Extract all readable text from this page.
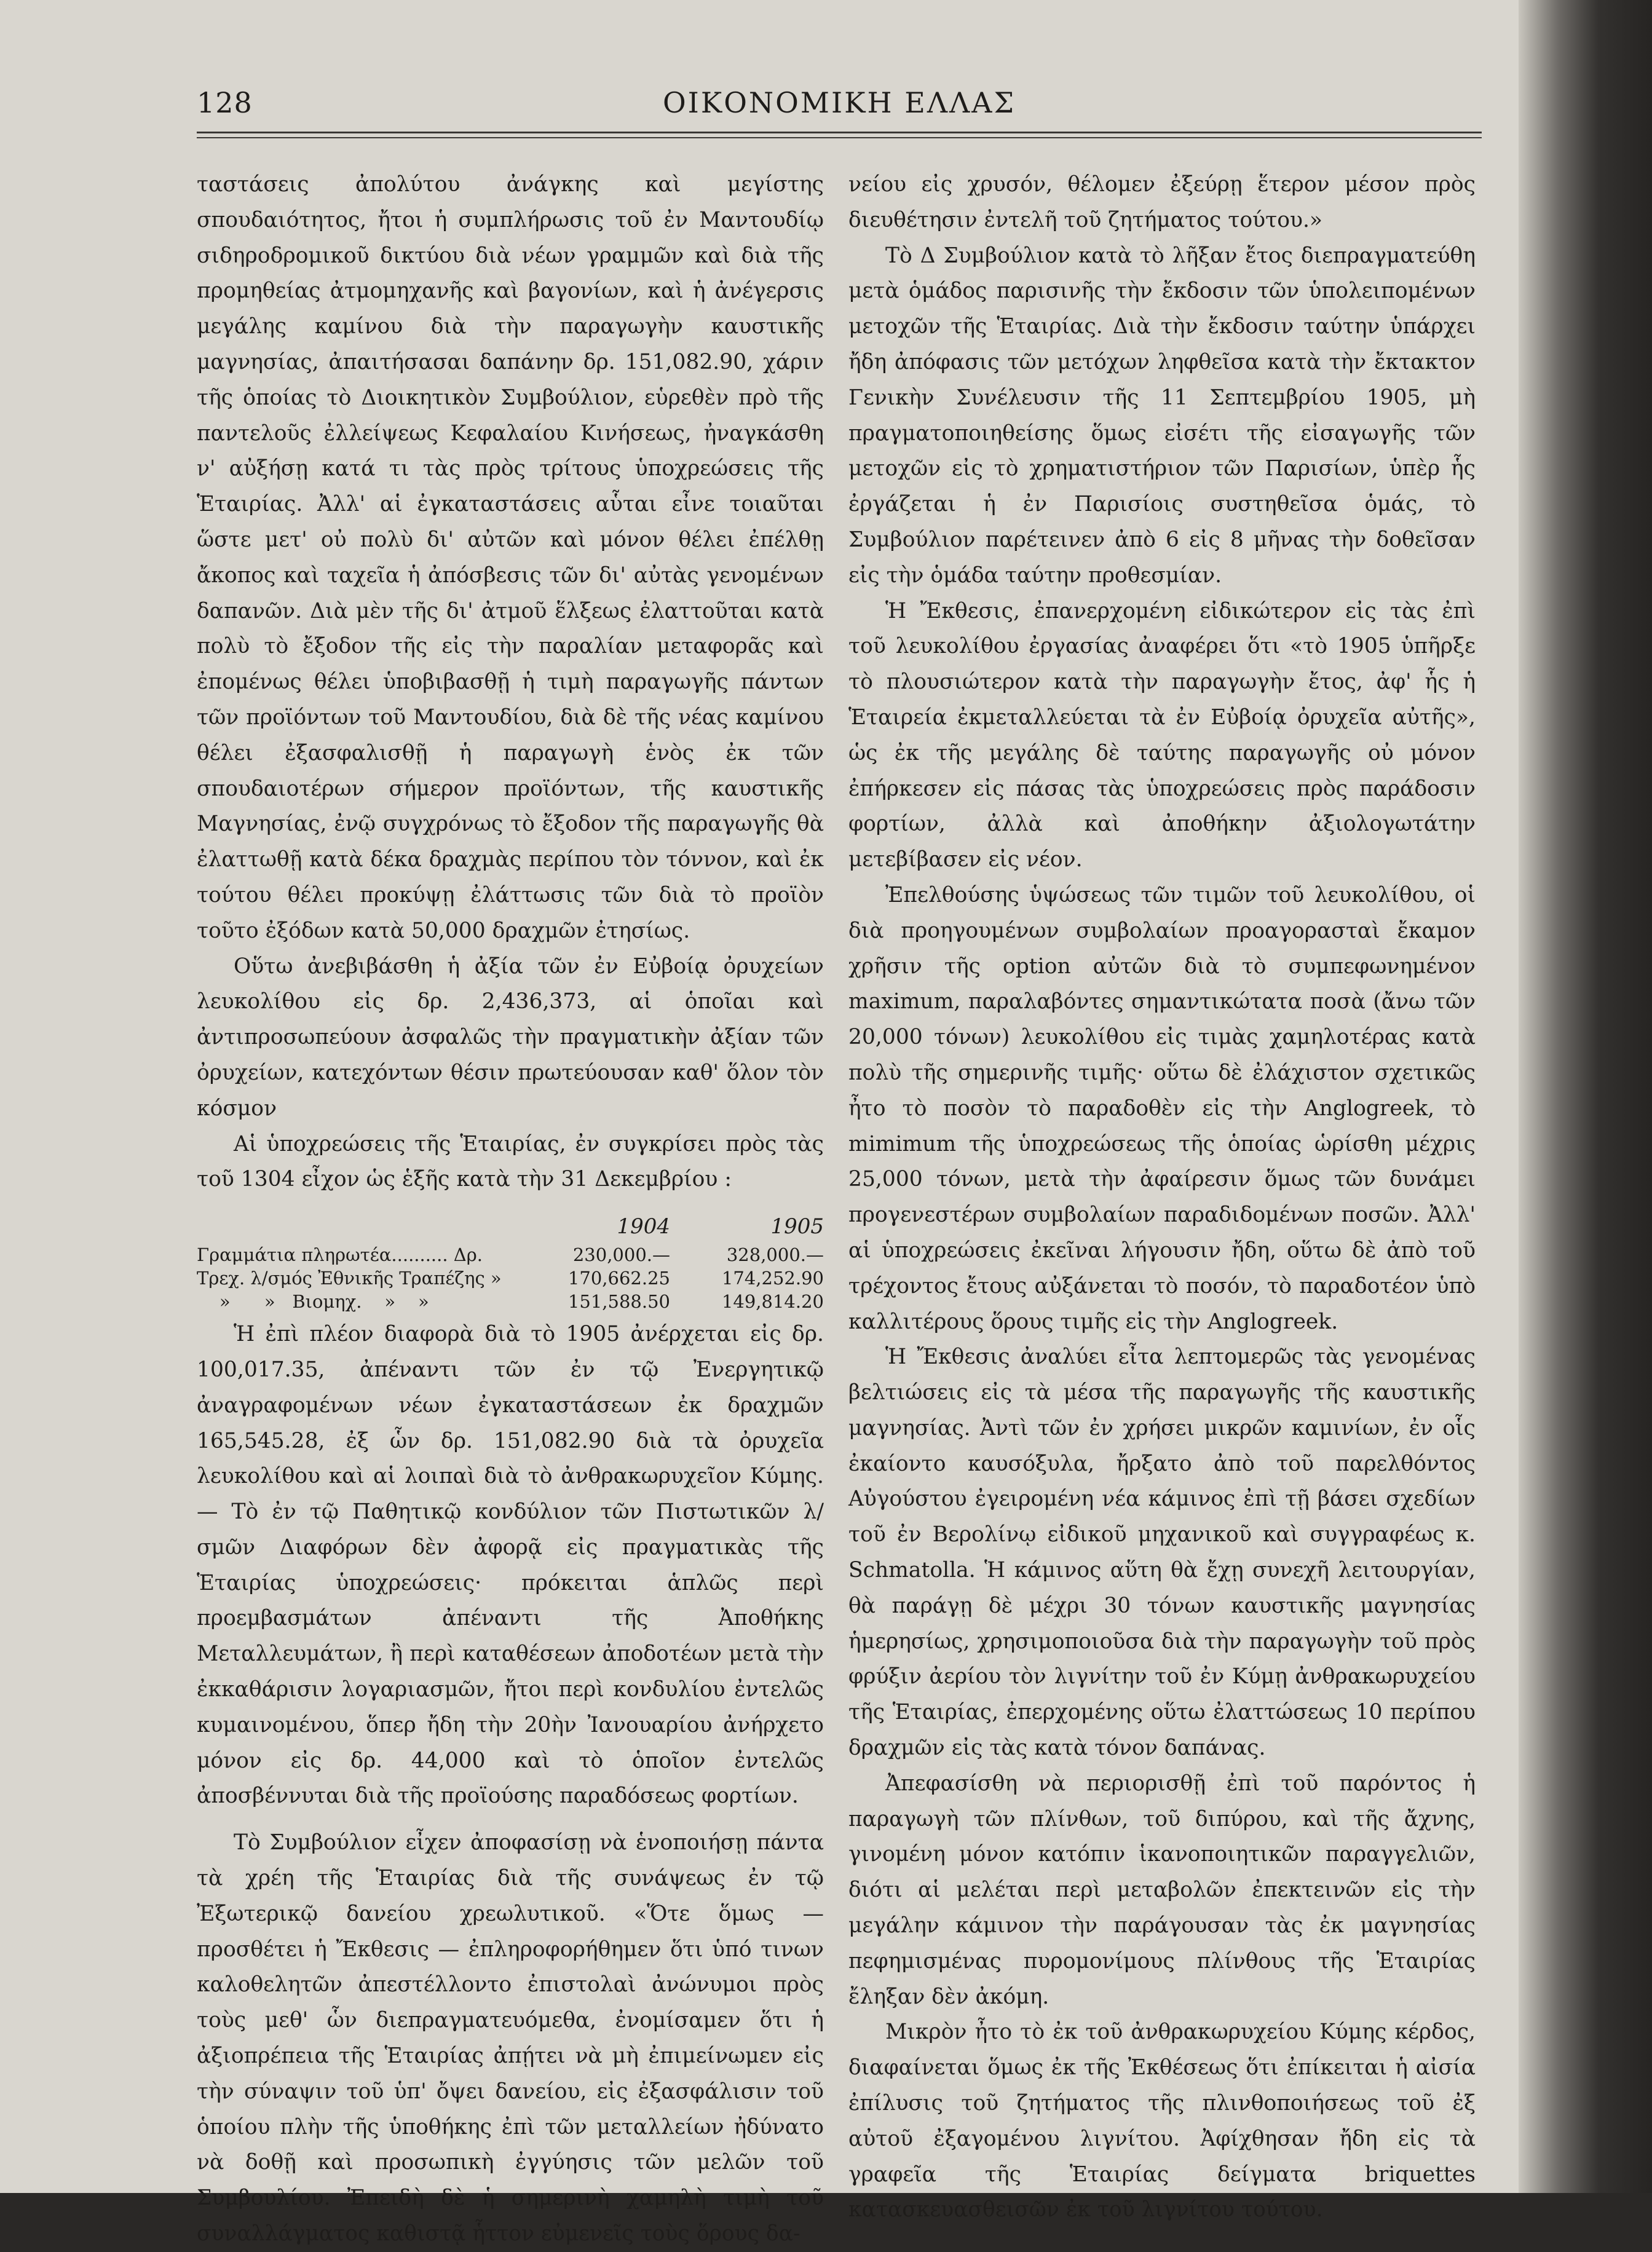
128	ΟΙΚΟΝΟΜΙΚΗ ΕΛΛΑΣ

ταστάσεις ἀπολύτου ἀνάγκης καὶ μεγίστης σπουδαιότητος, ἤτοι ἡ συμπλήρωσις τοῦ ἐν Μαντουδίῳ σιδηροδρομικοῦ δικτύου διὰ νέων γραμμῶν καὶ διὰ τῆς προμηθείας ἀτμομηχανῆς καὶ βαγονίων, καὶ ἡ ἀνέγερσις μεγάλης καμίνου διὰ τὴν παραγωγὴν καυστικῆς μαγνησίας, ἀπαιτήσασαι δαπάνην δρ. 151,082.90, χάριν τῆς ὁποίας τὸ Διοικητικὸν Συμβούλιον, εὑρεθὲν πρὸ τῆς παντελοῦς ἐλλείψεως Κεφαλαίου Κινήσεως, ἠναγκάσθη ν' αὐξήσῃ κατά τι τὰς πρὸς τρίτους ὑποχρεώσεις τῆς Ἑταιρίας. Ἀλλ' αἱ ἐγκαταστάσεις αὗται εἶνε τοιαῦται ὥστε μετ' οὐ πολὺ δι' αὐτῶν καὶ μόνον θέλει ἐπέλθῃ ἄκοπος καὶ ταχεῖα ἡ ἀπόσβεσις τῶν δι' αὐτὰς γενομένων δαπανῶν. Διὰ μὲν τῆς δι' ἀτμοῦ ἕλξεως ἐλαττοῦται κατὰ πολὺ τὸ ἔξοδον τῆς εἰς τὴν παραλίαν μεταφορᾶς καὶ ἐπομένως θέλει ὑποβιβασθῇ ἡ τιμὴ παραγωγῆς πάντων τῶν προϊόντων τοῦ Μαντουδίου, διὰ δὲ τῆς νέας καμίνου θέλει ἐξασφαλισθῇ ἡ παραγωγὴ ἑνὸς ἐκ τῶν σπουδαιοτέρων σήμερον προϊόντων, τῆς καυστικῆς Μαγνησίας, ἐνῷ συγχρόνως τὸ ἔξοδον τῆς παραγωγῆς θὰ ἐλαττωθῇ κατὰ δέκα δραχμὰς περίπου τὸν τόννον, καὶ ἐκ τούτου θέλει προκύψῃ ἐλάττωσις τῶν διὰ τὸ προϊὸν τοῦτο ἐξόδων κατὰ 50,000 δραχμῶν ἐτησίως.

Οὕτω ἀνεβιβάσθη ἡ ἀξία τῶν ἐν Εὐβοίᾳ ὀρυχείων λευκολίθου εἰς δρ. 2,436,373, αἱ ὁποῖαι καὶ ἀντιπροσωπεύουν ἀσφαλῶς τὴν πραγματικὴν ἀξίαν τῶν ὀρυχείων, κατεχόντων θέσιν πρωτεύουσαν καθ' ὅλον τὸν κόσμον

Αἱ ὑποχρεώσεις τῆς Ἑταιρίας, ἐν συγκρίσει πρὸς τὰς τοῦ 1304 εἶχον ὡς ἑξῆς κατὰ τὴν 31 Δεκεμβρίου :

1904	1905
Γραμμάτια πληρωτέα.......... Δρ.	230,000.—	328,000.—
Τρεχ. λ/σμός Ἐθνικῆς Τραπέζης »	170,662.25	174,252.90
»      »   Βιομηχ.    »    »	151,588.50	149,814.20

Ἡ ἐπὶ πλέον διαφορὰ διὰ τὸ 1905 ἀνέρχεται εἰς δρ. 100,017.35, ἀπέναντι τῶν ἐν τῷ Ἐνεργητικῷ ἀναγραφομένων νέων ἐγκαταστάσεων ἐκ δραχμῶν 165,545.28, ἐξ ὧν δρ. 151,082.90 διὰ τὰ ὀρυχεῖα λευκολίθου καὶ αἱ λοιπαὶ διὰ τὸ ἀνθρακωρυχεῖον Κύμης.— Τὸ ἐν τῷ Παθητικῷ κονδύλιον τῶν Πιστωτικῶν λ/σμῶν Διαφόρων δὲν ἀφορᾷ εἰς πραγματικὰς τῆς Ἑταιρίας ὑποχρεώσεις· πρόκειται ἁπλῶς περὶ προεμβασμάτων ἀπέναντι τῆς Ἀποθήκης Μεταλλευμάτων, ἢ περὶ καταθέσεων ἀποδοτέων μετὰ τὴν ἐκκαθάρισιν λογαριασμῶν, ἤτοι περὶ κονδυλίου ἐντελῶς κυμαινομένου, ὅπερ ἤδη τὴν 20ὴν Ἰανουαρίου ἀνήρχετο μόνον εἰς δρ. 44,000 καὶ τὸ ὁποῖον ἐντελῶς ἀποσβέννυται διὰ τῆς προϊούσης παραδόσεως φορτίων.

Τὸ Συμβούλιον εἶχεν ἀποφασίσῃ νὰ ἑνοποιήσῃ πάντα τὰ χρέη τῆς Ἑταιρίας διὰ τῆς συνάψεως ἐν τῷ Ἐξωτερικῷ δανείου χρεωλυτικοῦ. «Ὅτε ὅμως — προσθέτει ἡ Ἔκθεσις — ἐπληροφορήθημεν ὅτι ὑπό τινων καλοθελητῶν ἀπεστέλλοντο ἐπιστολαὶ ἀνώνυμοι πρὸς τοὺς μεθ' ὧν διεπραγματευόμεθα, ἐνομίσαμεν ὅτι ἡ ἀξιοπρέπεια τῆς Ἑταιρίας ἀπῄτει νὰ μὴ ἐπιμείνωμεν εἰς τὴν σύναψιν τοῦ ὑπ' ὄψει δανείου, εἰς ἐξασφάλισιν τοῦ ὁποίου πλὴν τῆς ὑποθήκης ἐπὶ τῶν μεταλλείων ἠδύνατο νὰ δοθῇ καὶ προσωπικὴ ἐγγύησις τῶν μελῶν τοῦ Συμβουλίου. Ἐπειδὴ δὲ ἡ σημερινὴ χαμηλὴ τιμὴ τοῦ συναλλάγματος καθιστᾷ ἧττον εὐμενεῖς τοὺς ὅρους δα-

νείου εἰς χρυσόν, θέλομεν ἐξεύρῃ ἕτερον μέσον πρὸς διευθέτησιν ἐντελῆ τοῦ ζητήματος τούτου.»

Τὸ Δ Συμβούλιον κατὰ τὸ λῆξαν ἔτος διεπραγματεύθη μετὰ ὁμάδος παρισινῆς τὴν ἔκδοσιν τῶν ὑπολειπομένων μετοχῶν τῆς Ἑταιρίας. Διὰ τὴν ἔκδοσιν ταύτην ὑπάρχει ἤδη ἀπόφασις τῶν μετόχων ληφθεῖσα κατὰ τὴν ἔκτακτον Γενικὴν Συνέλευσιν τῆς 11 Σεπτεμβρίου 1905, μὴ πραγματοποιηθείσης ὅμως εἰσέτι τῆς εἰσαγωγῆς τῶν μετοχῶν εἰς τὸ χρηματιστήριον τῶν Παρισίων, ὑπὲρ ἧς ἐργάζεται ἡ ἐν Παρισίοις συστηθεῖσα ὁμάς, τὸ Συμβούλιον παρέτεινεν ἀπὸ 6 εἰς 8 μῆνας τὴν δοθεῖσαν εἰς τὴν ὁμάδα ταύτην προθεσμίαν.

Ἡ Ἔκθεσις, ἐπανερχομένη εἰδικώτερον εἰς τὰς ἐπὶ τοῦ λευκολίθου ἐργασίας ἀναφέρει ὅτι «τὸ 1905 ὑπῆρξε τὸ πλουσιώτερον κατὰ τὴν παραγωγὴν ἔτος, ἀφ' ἧς ἡ Ἑταιρεία ἐκμεταλλεύεται τὰ ἐν Εὐβοίᾳ ὀρυχεῖα αὐτῆς», ὡς ἐκ τῆς μεγάλης δὲ ταύτης παραγωγῆς οὐ μόνον ἐπήρκεσεν εἰς πάσας τὰς ὑποχρεώσεις πρὸς παράδοσιν φορτίων, ἀλλὰ καὶ ἀποθήκην ἀξιολογωτάτην μετεβίβασεν εἰς νέον.

Ἐπελθούσης ὑψώσεως τῶν τιμῶν τοῦ λευκολίθου, οἱ διὰ προηγουμένων συμβολαίων προαγορασταὶ ἔκαμον χρῆσιν τῆς option αὐτῶν διὰ τὸ συμπεφωνημένον maximum, παραλαβόντες σημαντικώτατα ποσὰ (ἄνω τῶν 20,000 τόνων) λευκολίθου εἰς τιμὰς χαμηλοτέρας κατὰ πολὺ τῆς σημερινῆς τιμῆς· οὕτω δὲ ἐλάχιστον σχετικῶς ἦτο τὸ ποσὸν τὸ παραδοθὲν εἰς τὴν Anglogreek, τὸ mimimum τῆς ὑποχρεώσεως τῆς ὁποίας ὡρίσθη μέχρις 25,000 τόνων, μετὰ τὴν ἀφαίρεσιν ὅμως τῶν δυνάμει προγενεστέρων συμβολαίων παραδιδομένων ποσῶν. Ἀλλ' αἱ ὑποχρεώσεις ἐκεῖναι λήγουσιν ἤδη, οὕτω δὲ ἀπὸ τοῦ τρέχοντος ἔτους αὐξάνεται τὸ ποσόν, τὸ παραδοτέον ὑπὸ καλλιτέρους ὅρους τιμῆς εἰς τὴν Anglogreek.

Ἡ Ἔκθεσις ἀναλύει εἶτα λεπτομερῶς τὰς γενομένας βελτιώσεις εἰς τὰ μέσα τῆς παραγωγῆς τῆς καυστικῆς μαγνησίας. Ἀντὶ τῶν ἐν χρήσει μικρῶν καμινίων, ἐν οἷς ἐκαίοντο καυσόξυλα, ἤρξατο ἀπὸ τοῦ παρελθόντος Αὐγούστου ἐγειρομένη νέα κάμινος ἐπὶ τῇ βάσει σχεδίων τοῦ ἐν Βερολίνῳ εἰδικοῦ μηχανικοῦ καὶ συγγραφέως κ. Schmatolla. Ἡ κάμινος αὕτη θὰ ἔχῃ συνεχῆ λειτουργίαν, θὰ παράγῃ δὲ μέχρι 30 τόνων καυστικῆς μαγνησίας ἡμερησίως, χρησιμοποιοῦσα διὰ τὴν παραγωγὴν τοῦ πρὸς φρύξιν ἀερίου τὸν λιγνίτην τοῦ ἐν Κύμῃ ἀνθρακωρυχείου τῆς Ἑταιρίας, ἐπερχομένης οὕτω ἐλαττώσεως 10 περίπου δραχμῶν εἰς τὰς κατὰ τόνον δαπάνας.

Ἀπεφασίσθη νὰ περιορισθῇ ἐπὶ τοῦ παρόντος ἡ παραγωγὴ τῶν πλίνθων, τοῦ διπύρου, καὶ τῆς ἄχνης, γινομένη μόνον κατόπιν ἱκανοποιητικῶν παραγγελιῶν, διότι αἱ μελέται περὶ μεταβολῶν ἐπεκτεινῶν εἰς τὴν μεγάλην κάμινον τὴν παράγουσαν τὰς ἐκ μαγνησίας πεφημισμένας πυρομονίμους πλίνθους τῆς Ἑταιρίας ἔληξαν δὲν ἀκόμη.

Μικρὸν ἦτο τὸ ἐκ τοῦ ἀνθρακωρυχείου Κύμης κέρδος, διαφαίνεται ὅμως ἐκ τῆς Ἐκθέσεως ὅτι ἐπίκειται ἡ αἰσία ἐπίλυσις τοῦ ζητήματος τῆς πλινθοποιήσεως τοῦ ἐξ αὐτοῦ ἐξαγομένου λιγνίτου. Ἀφίχθησαν ἤδη εἰς τὰ γραφεῖα τῆς Ἑταιρίας δείγματα briquettes κατασκευασθεισῶν ἐκ τοῦ λιγνίτου τούτου.
